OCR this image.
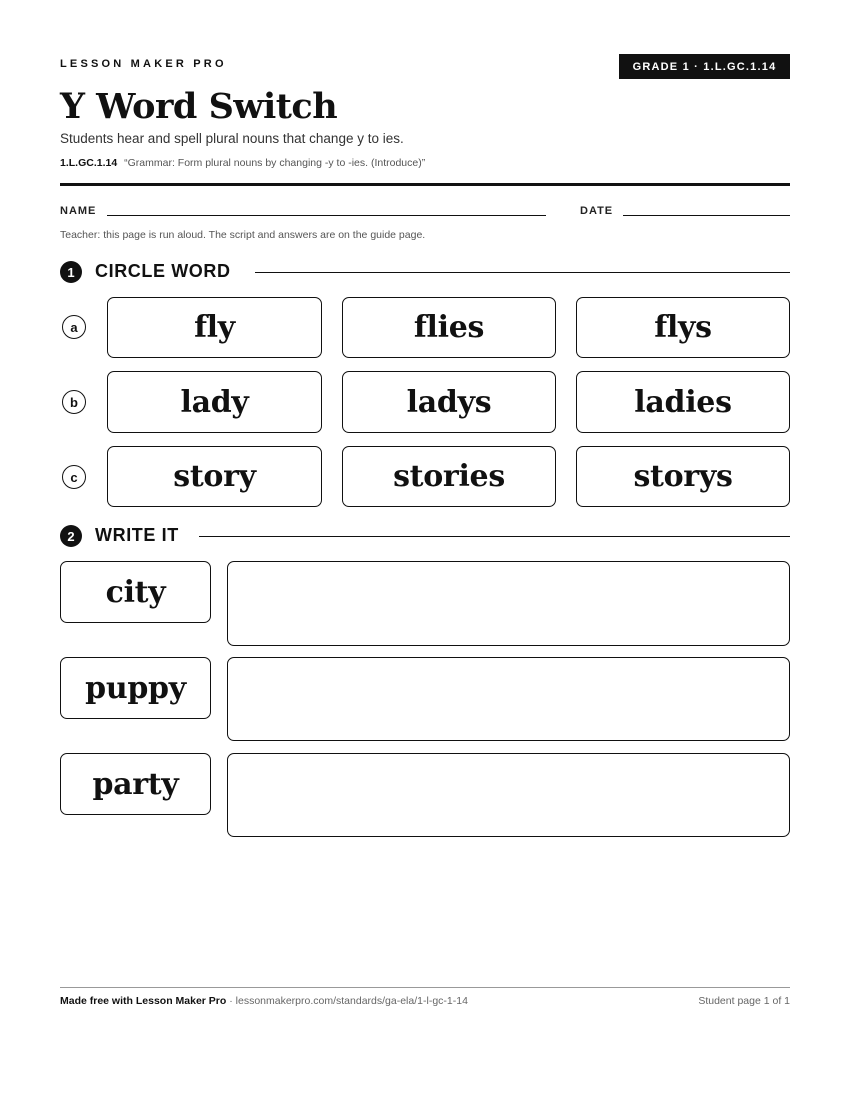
LESSON MAKER PRO	GRADE 1 · 1.L.GC.1.14
Y Word Switch
Students hear and spell plural nouns that change y to ies.
1.L.GC.1.14 “Grammar: Form plural nouns by changing -y to -ies. (Introduce)”
NAME	DATE
Teacher: this page is run aloud. The script and answers are on the guide page.
1	CIRCLE WORD
a	fly	flies	flys
b	lady	ladys	ladies
c	story	stories	storys
2	WRITE IT
city
puppy
party
Made free with Lesson Maker Pro · lessonmakerpro.com/standards/ga-ela/1-l-gc-1-14	Student page 1 of 1
